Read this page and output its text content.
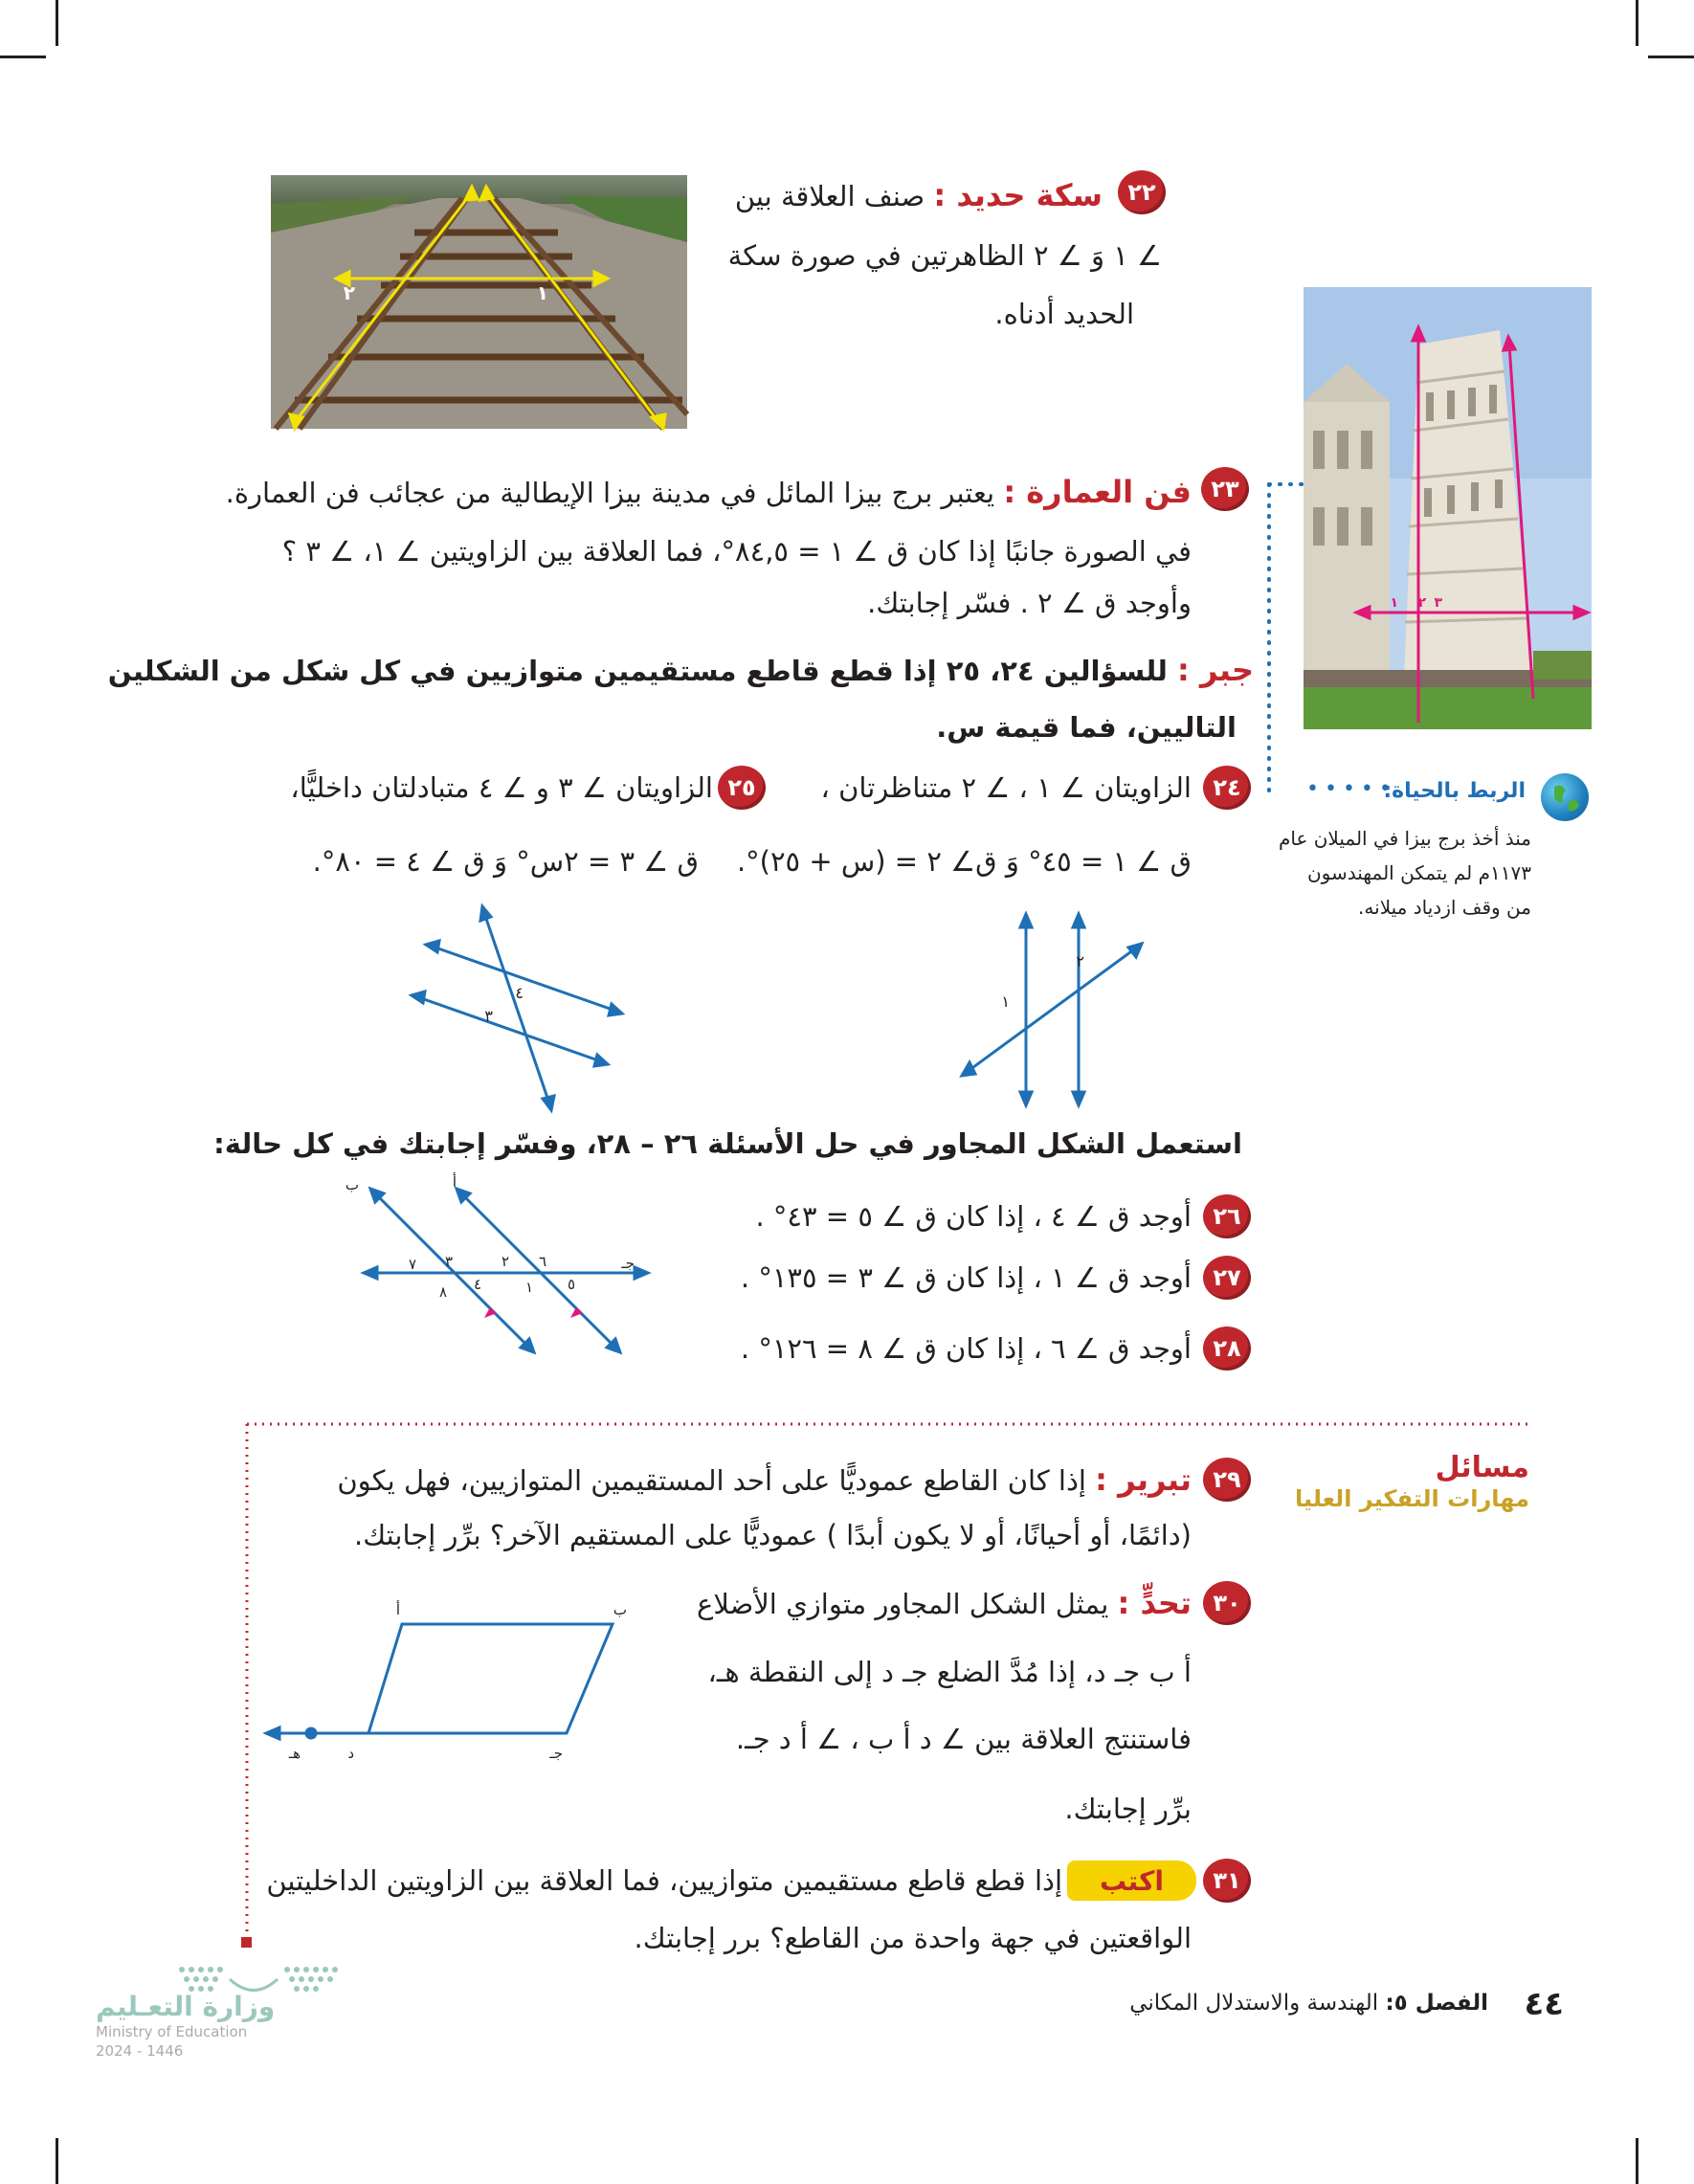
١
٢
٢٢
سكة حديد : صنف العلاقة بين
∠ ١ وَ ∠ ٢ الظاهرتين في صورة سكة
الحديد أدناه.
١ ٢ ٣
٢٣
فن العمارة : يعتبر برج بيزا المائل في مدينة بيزا الإيطالية من عجائب فن العمارة.
في الصورة جانبًا إذا كان ق ∠ ١ = ٨٤,٥°، فما العلاقة بين الزاويتين ∠ ١، ∠ ٣ ؟
وأوجد ق ∠ ٢ . فسّر إجابتك.
جبر : للسؤالين ٢٤، ٢٥ إذا قطع قاطع مستقيمين متوازيين في كل شكل من الشكلين
التاليين، فما قيمة س.
٢٤
الزاويتان ∠ ١ ، ∠ ٢ متناظرتان ،
ق ∠ ١ = ٤٥° وَ ق∠ ٢ = (س + ٢٥)°.
٢٥
الزاويتان ∠ ٣ و ∠ ٤ متبادلتان داخليًّا،
ق ∠ ٣ = ٢س° وَ ق ∠ ٤ = ٨٠°.
١
٢
٤
٣
استعمل الشكل المجاور في حل الأسئلة ٢٦ – ٢٨، وفسّر إجابتك في كل حالة:
٢٦
أوجد ق ∠ ٤ ، إذا كان ق ∠ ٥ = ٤٣° .
٢٧
أوجد ق ∠ ١ ، إذا كان ق ∠ ٣ = ١٣٥° .
٢٨
أوجد ق ∠ ٦ ، إذا كان ق ∠ ٨ = ١٢٦° .
ب	أ
جـ
٧ ٣
٤
٨
٢ ٦
١ ٥
مسائل
مهارات التفكير العليا
٢٩
تبرير : إذا كان القاطع عموديًّا على أحد المستقيمين المتوازيين، فهل يكون
(دائمًا، أو أحيانًا، أو لا يكون أبدًا ) عموديًّا على المستقيم الآخر؟ برِّر إجابتك.
٣٠
تحدٍّ : يمثل الشكل المجاور متوازي الأضلاع
أ ب جـ د، إذا مُدَّ الضلع جـ د إلى النقطة هـ،
فاستنتج العلاقة بين ∠ د أ ب ، ∠ أ د جـ.
برِّر إجابتك.
أ	ب
جـ
د
هـ
٣١
اكتب
إذا قطع قاطع مستقيمين متوازيين، فما العلاقة بين الزاويتين الداخليتين
الواقعتين في جهة واحدة من القاطع؟ برر إجابتك.
الربط بالحياة:
•••••
منذ أخذ برج بيزا في الميلان عام
١١٧٣م لم يتمكن المهندسون
من وقف ازدياد ميلانه.
وزارة التعـليم
Ministry of Education
2024 - 1446
٤٤
الفصل ٥: الهندسة والاستدلال المكاني
